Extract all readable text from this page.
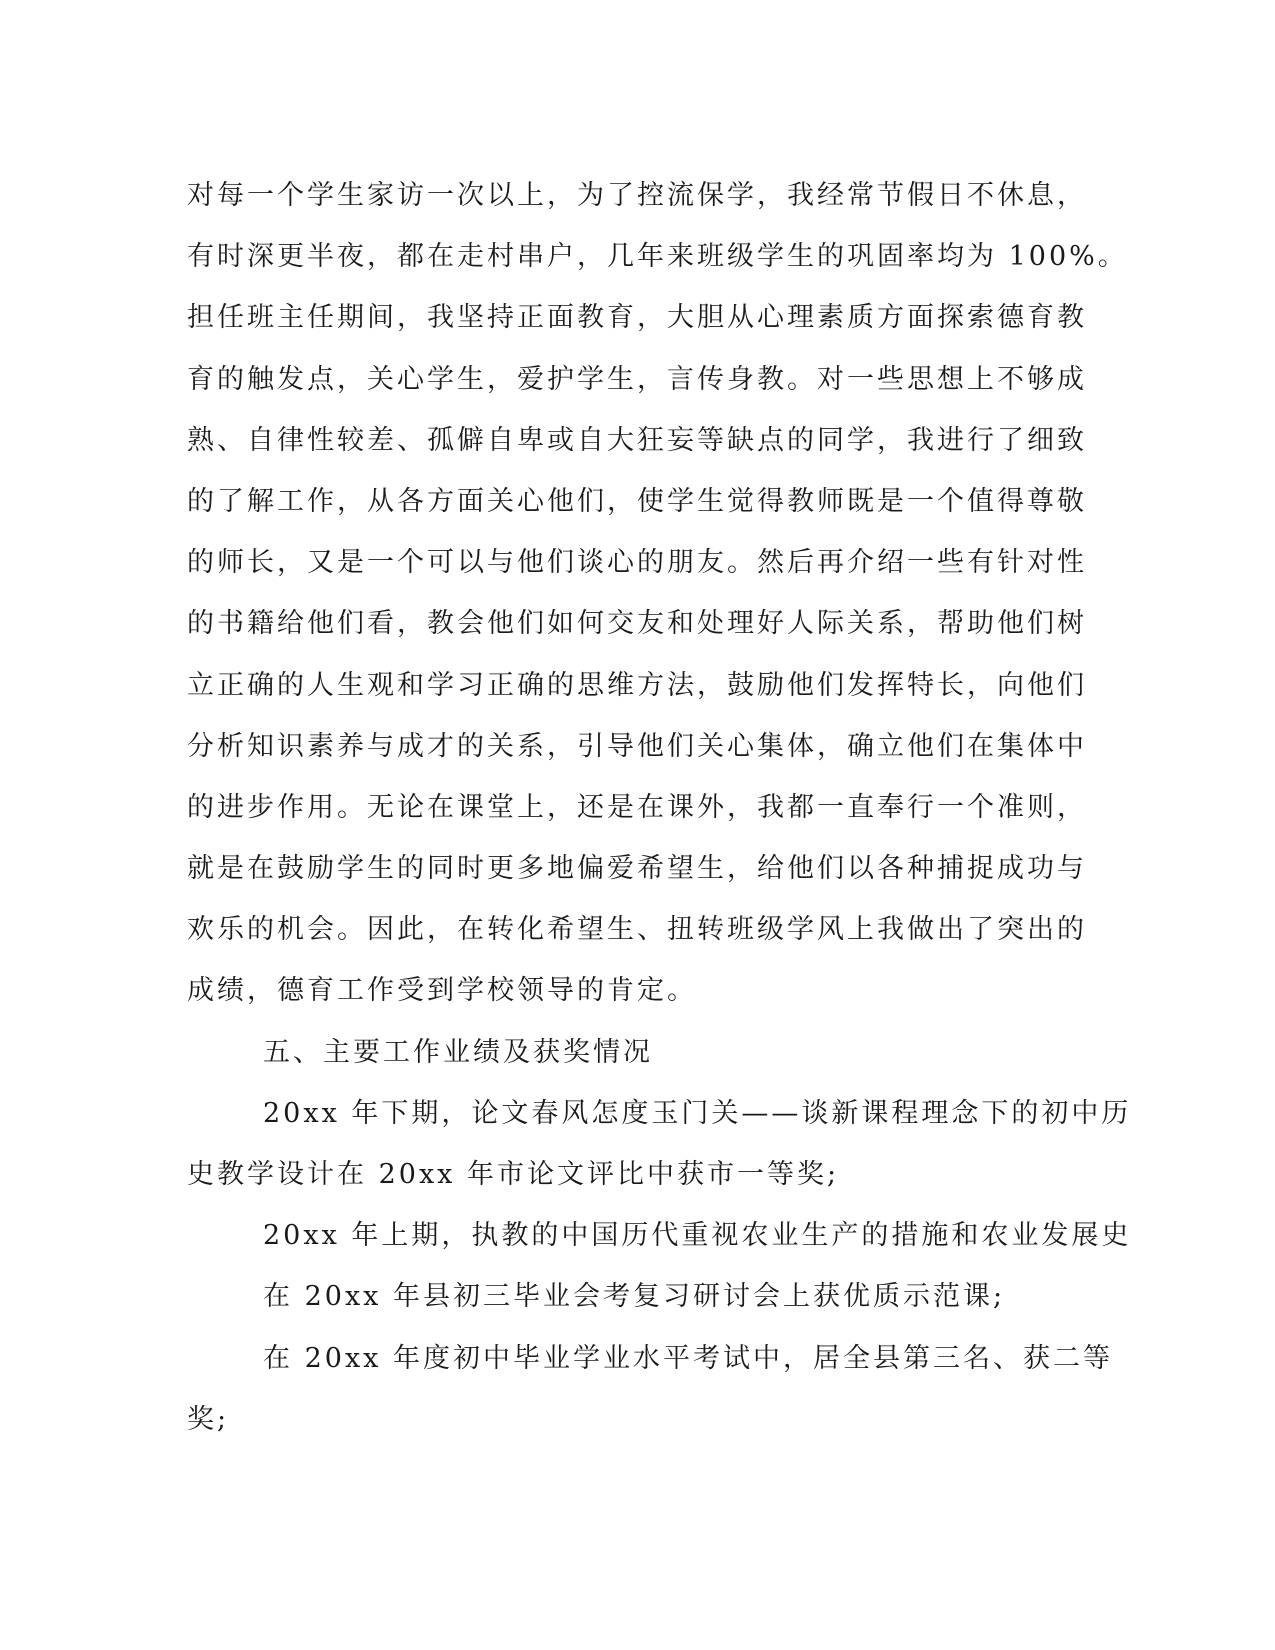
对每一个学生家访一次以上，为了控流保学，我经常节假日不休息，
有时深更半夜，都在走村串户，几年来班级学生的巩固率均为 100%。
担任班主任期间，我坚持正面教育，大胆从心理素质方面探索德育教
育的触发点，关心学生，爱护学生，言传身教。对一些思想上不够成
熟、自律性较差、孤僻自卑或自大狂妄等缺点的同学，我进行了细致
的了解工作，从各方面关心他们，使学生觉得教师既是一个值得尊敬
的师长，又是一个可以与他们谈心的朋友。然后再介绍一些有针对性
的书籍给他们看，教会他们如何交友和处理好人际关系，帮助他们树
立正确的人生观和学习正确的思维方法，鼓励他们发挥特长，向他们
分析知识素养与成才的关系，引导他们关心集体，确立他们在集体中
的进步作用。无论在课堂上，还是在课外，我都一直奉行一个准则，
就是在鼓励学生的同时更多地偏爱希望生，给他们以各种捕捉成功与
欢乐的机会。因此，在转化希望生、扭转班级学风上我做出了突出的
成绩，德育工作受到学校领导的肯定。
五、主要工作业绩及获奖情况
20xx 年下期，论文春风怎度玉门关——谈新课程理念下的初中历
史教学设计在 20xx 年市论文评比中获市一等奖;
20xx 年上期，执教的中国历代重视农业生产的措施和农业发展史
在 20xx 年县初三毕业会考复习研讨会上获优质示范课;
在 20xx 年度初中毕业学业水平考试中，居全县第三名、获二等
奖;
